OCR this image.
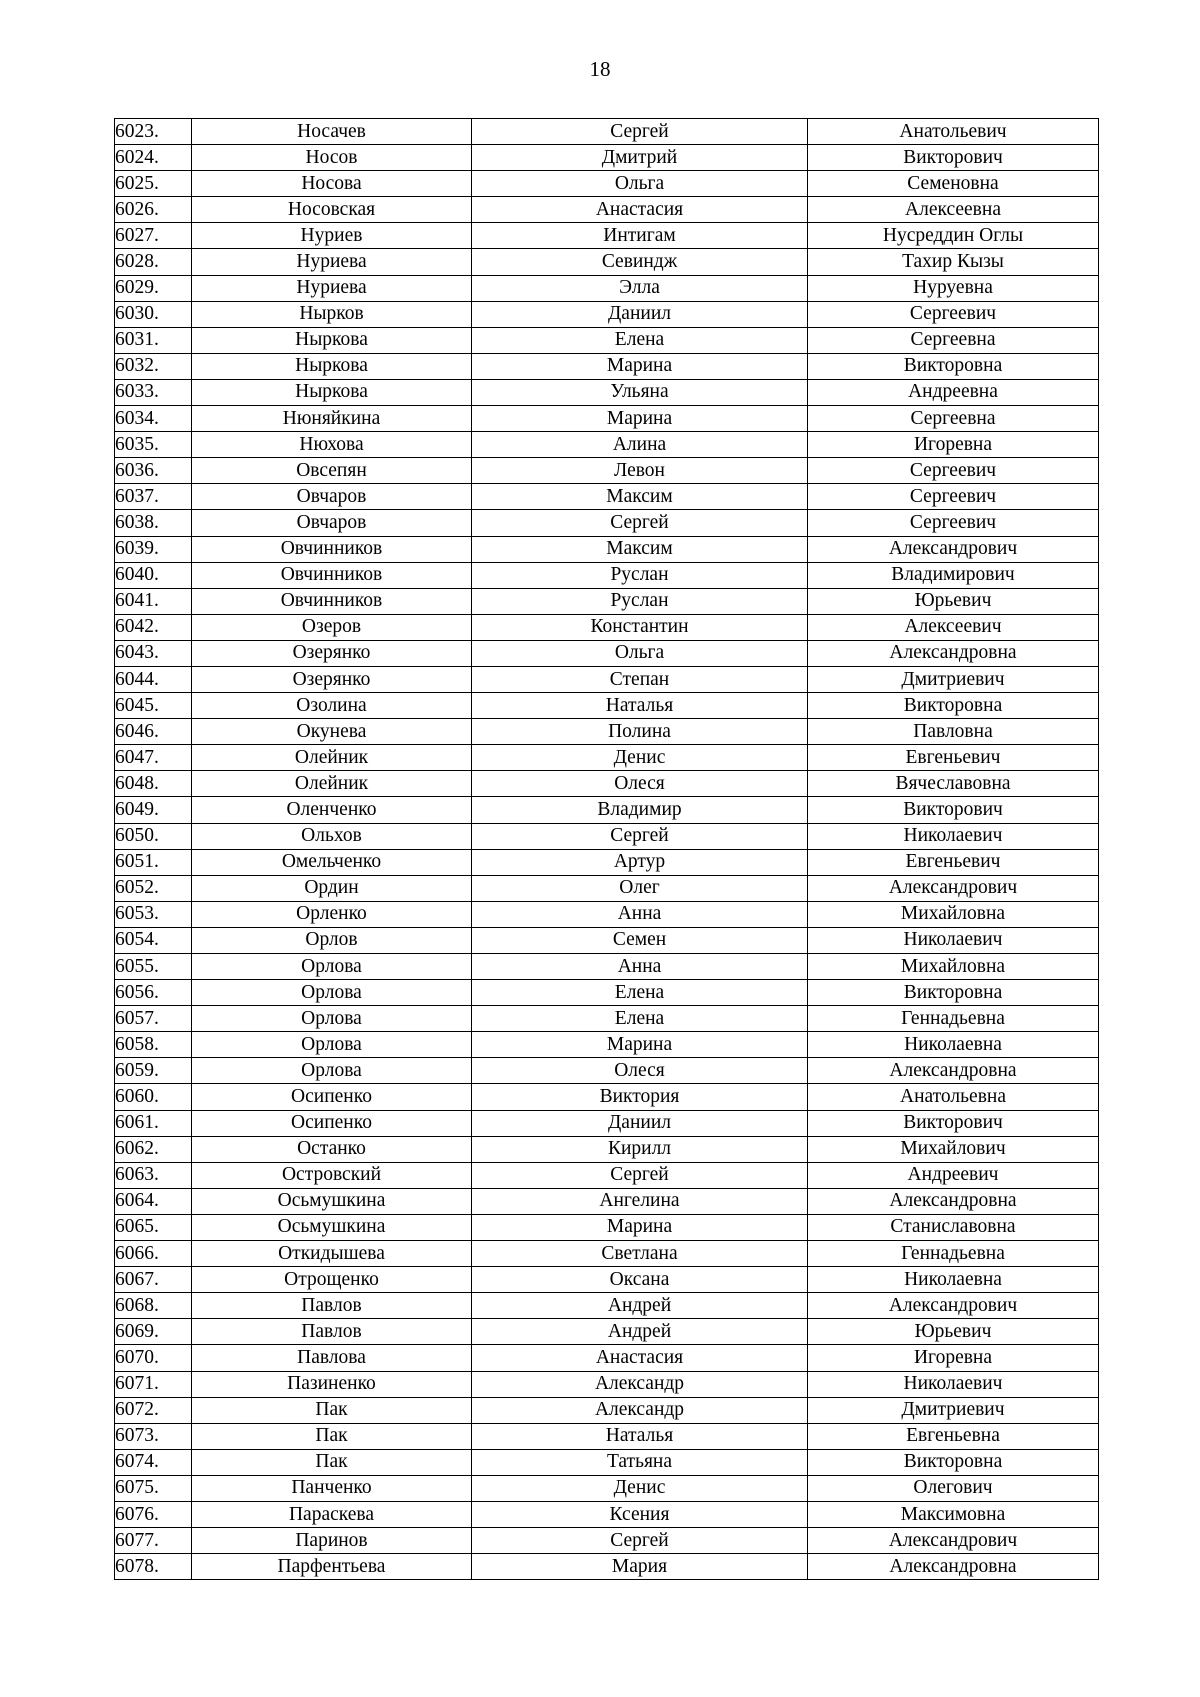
18
6023.	Носачев	Сергей	Анатольевич
6024.	Носов	Дмитрий	Викторович
6025.	Носова	Ольга	Семеновна
6026.	Носовская	Анастасия	Алексеевна
6027.	Нуриев	Интигам	Нусреддин Оглы
6028.	Нуриева	Севиндж	Тахир Кызы
6029.	Нуриева	Элла	Нуруевна
6030.	Нырков	Даниил	Сергеевич
6031.	Ныркова	Елена	Сергеевна
6032.	Ныркова	Марина	Викторовна
6033.	Ныркова	Ульяна	Андреевна
6034.	Нюняйкина	Марина	Сергеевна
6035.	Нюхова	Алина	Игоревна
6036.	Овсепян	Левон	Сергеевич
6037.	Овчаров	Максим	Сергеевич
6038.	Овчаров	Сергей	Сергеевич
6039.	Овчинников	Максим	Александрович
6040.	Овчинников	Руслан	Владимирович
6041.	Овчинников	Руслан	Юрьевич
6042.	Озеров	Константин	Алексеевич
6043.	Озерянко	Ольга	Александровна
6044.	Озерянко	Степан	Дмитриевич
6045.	Озолина	Наталья	Викторовна
6046.	Окунева	Полина	Павловна
6047.	Олейник	Денис	Евгеньевич
6048.	Олейник	Олеся	Вячеславовна
6049.	Оленченко	Владимир	Викторович
6050.	Ольхов	Сергей	Николаевич
6051.	Омельченко	Артур	Евгеньевич
6052.	Ордин	Олег	Александрович
6053.	Орленко	Анна	Михайловна
6054.	Орлов	Семен	Николаевич
6055.	Орлова	Анна	Михайловна
6056.	Орлова	Елена	Викторовна
6057.	Орлова	Елена	Геннадьевна
6058.	Орлова	Марина	Николаевна
6059.	Орлова	Олеся	Александровна
6060.	Осипенко	Виктория	Анатольевна
6061.	Осипенко	Даниил	Викторович
6062.	Останко	Кирилл	Михайлович
6063.	Островский	Сергей	Андреевич
6064.	Осьмушкина	Ангелина	Александровна
6065.	Осьмушкина	Марина	Станиславовна
6066.	Откидышева	Светлана	Геннадьевна
6067.	Отрощенко	Оксана	Николаевна
6068.	Павлов	Андрей	Александрович
6069.	Павлов	Андрей	Юрьевич
6070.	Павлова	Анастасия	Игоревна
6071.	Пазиненко	Александр	Николаевич
6072.	Пак	Александр	Дмитриевич
6073.	Пак	Наталья	Евгеньевна
6074.	Пак	Татьяна	Викторовна
6075.	Панченко	Денис	Олегович
6076.	Параскева	Ксения	Максимовна
6077.	Паринов	Сергей	Александрович
6078.	Парфентьева	Мария	Александровна
